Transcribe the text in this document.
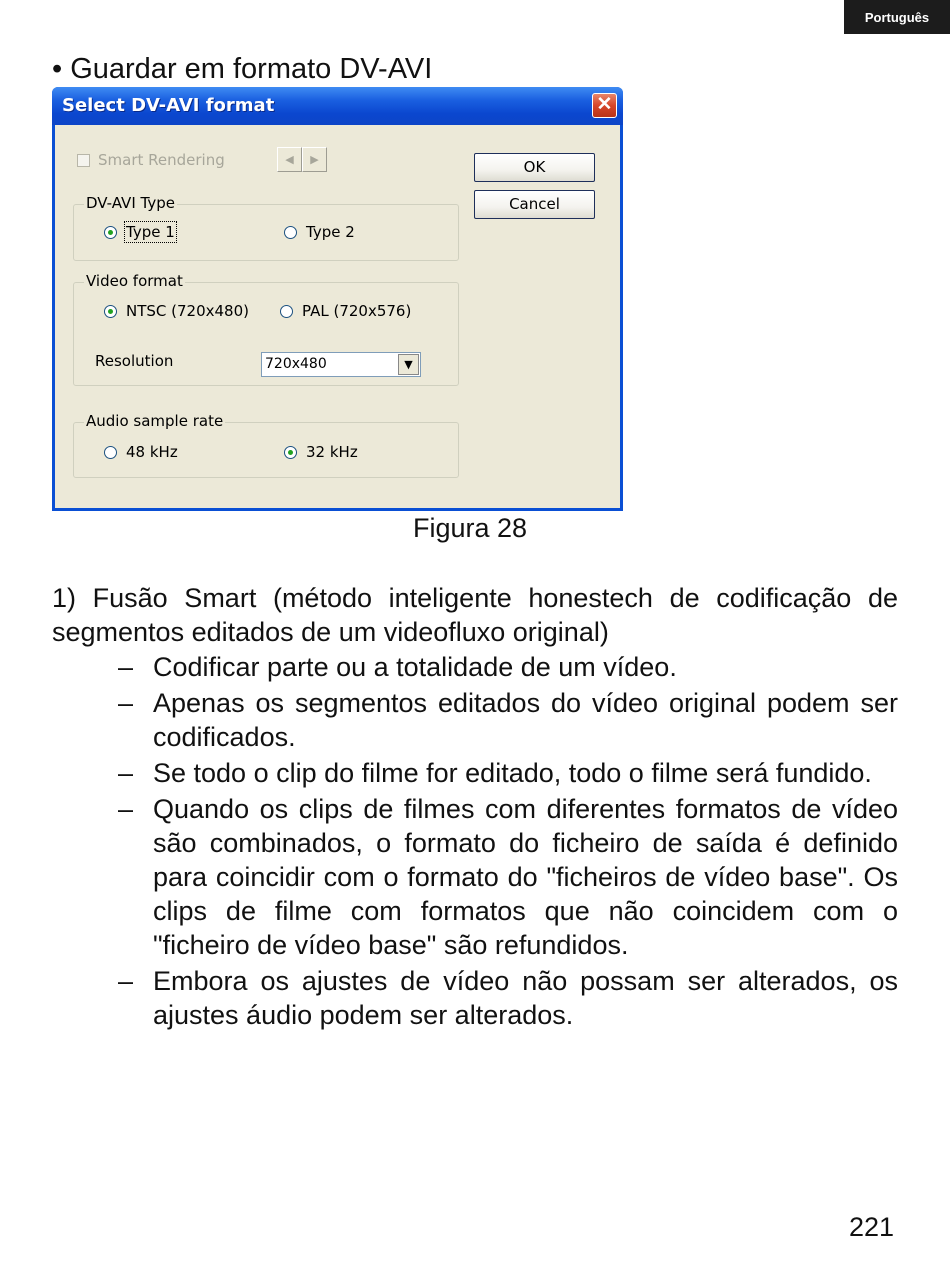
Português
• Guardar em formato DV-AVI
Select DV-AVI format	✕
Smart Rendering	◀	▶	OK
Cancel
DV-AVI Type
Type 1	Type 2
Video format
NTSC (720x480)	PAL (720x576)
Resolution	720x480	▼
Audio sample rate
48 kHz	32 kHz
Figura 28
1) Fusão Smart (método inteligente honestech de codificação de segmentos editados de um videofluxo original)
– Codificar parte ou a totalidade de um vídeo.
– Apenas os segmentos editados do vídeo original podem ser codificados.
– Se todo o clip do filme for editado, todo o filme será fundido.
– Quando os clips de filmes com diferentes formatos de vídeo são combinados, o formato do ficheiro de saída é definido para coincidir com o formato do "ficheiros de vídeo base". Os clips de filme com formatos que não coincidem com o "ficheiro de vídeo base" são refundidos.
– Embora os ajustes de vídeo não possam ser alterados, os ajustes áudio podem ser alterados.
221
